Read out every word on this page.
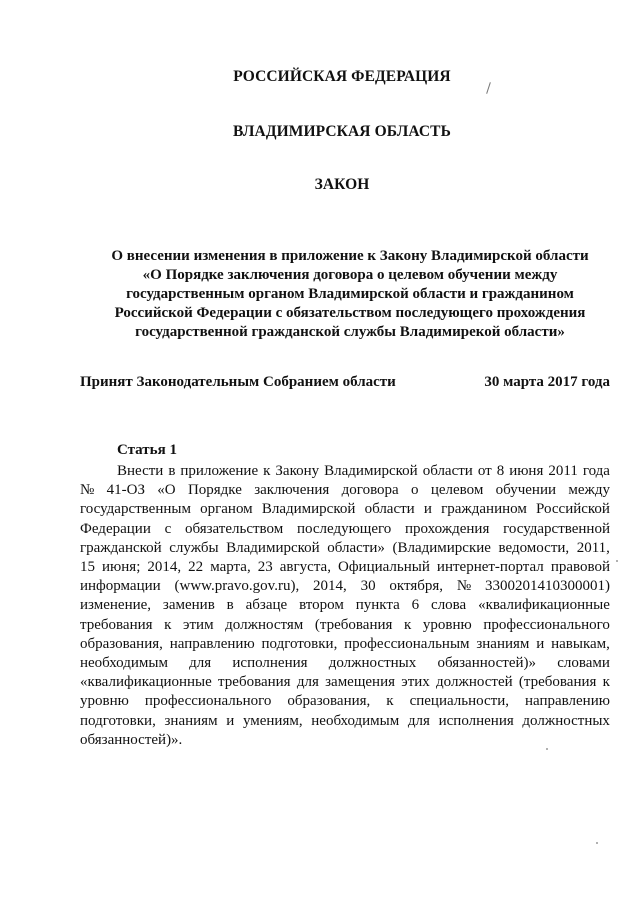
РОССИЙСКАЯ ФЕДЕРАЦИЯ
ВЛАДИМИРСКАЯ ОБЛАСТЬ
ЗАКОН
О внесении изменения в приложение к Закону Владимирской области
«О Порядке заключения договора о целевом обучении между
государственным органом Владимирской области и гражданином
Российской Федерации с обязательством последующего прохождения
государственной гражданской службы Владимирекой области»
Принят Законодательным Собранием области	30 марта 2017 года
Статья 1
Внести в приложение к Закону Владимирской области от 8 июня 2011 года
№ 41-ОЗ «О Порядке заключения договора о целевом обучении между
государственным органом Владимирской области и гражданином Российской
Федерации с обязательством последующего прохождения государственной
гражданской службы Владимирской области» (Владимирские ведомости, 2011,
15 июня; 2014, 22 марта, 23 августа, Официальный интернет-портал правовой
информации (www.pravo.gov.ru), 2014, 30 октября, № 3300201410300001)
изменение, заменив в абзаце втором пункта 6 слова «квалификационные
требования к этим должностям (требования к уровню профессионального
образования, направлению подготовки, профессиональным знаниям и навыкам,
необходимым для исполнения должностных обязанностей)» словами
«квалификационные требования для замещения этих должностей (требования к
уровню профессионального образования, к специальности, направлению
подготовки, знаниям и умениям, необходимым для исполнения должностных
обязанностей)».
